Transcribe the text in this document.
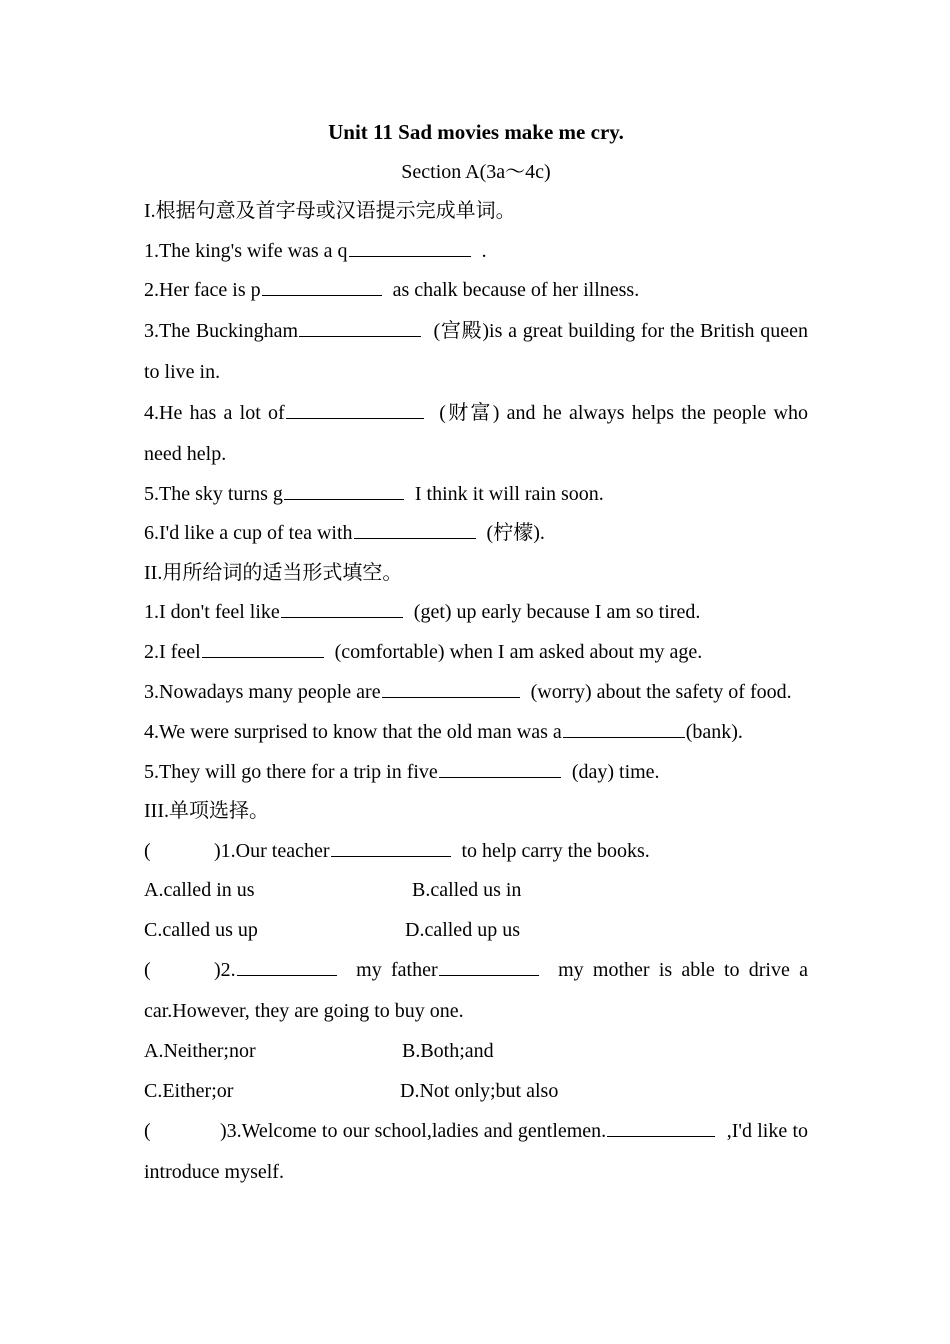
Unit 11 Sad movies make me cry.

Section A(3a～4c)

I.根据句意及首字母或汉语提示完成单词。

1.The king's wife was a q	.

2.Her face is p	as chalk because of her illness.

3.The Buckingham	(宫殿)is a great building for the British queen to live in.

4.He has a lot of	(财富) and he always helps the people who need help.

5.The sky turns g	I think it will rain soon.

6.I'd like a cup of tea with	(柠檬).

II.用所给词的适当形式填空。

1.I don't feel like	(get) up early because I am so tired.

2.I feel	(comfortable) when I am asked about my age.

3.Nowadays many people are	(worry) about the safety of food.

4.We were surprised to know that the old man was a	(bank).

5.They will go there for a trip in five	(day) time.

III.单项选择。

(	)1.Our teacher	to help carry the books.

A.called in us	B.called us in
C.called us up	D.called up us

(	)2.	my father	my mother is able to drive a car.However, they are going to buy one.

A.Neither;nor	B.Both;and
C.Either;or	D.Not only;but also

(	)3.Welcome to our school,ladies and gentlemen.	,I'd like to introduce myself.
